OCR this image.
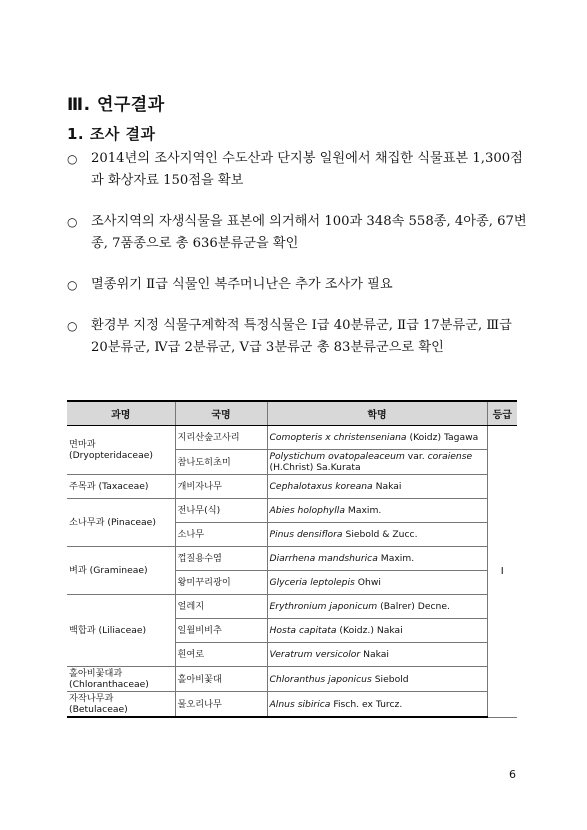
Ⅲ. 연구결과
1. 조사 결과
○ 2014년의 조사지역인 수도산과 단지봉 일원에서 채집한 식물표본 1,300점과 화상자료 150점을 확보
○ 조사지역의 자생식물을 표본에 의거해서 100과 348속 558종, 4아종, 67변종, 7품종으로 총 636분류군을 확인
○ 멸종위기 Ⅱ급 식물인 복주머니난은 추가 조사가 필요
○ 환경부 지정 식물구계학적 특정식물은 Ⅰ급 40분류군, Ⅱ급 17분류군, Ⅲ급 20분류군, Ⅳ급 2분류군, Ⅴ급 3분류군 총 83분류군으로 확인
과명	국명	학명	등급
면마과 (Dryopteridaceae)	지리산숲고사리	Comopteris x christenseniana (Koidz) Tagawa	Ⅰ
	참나도히초미	Polystichum ovatopaleaceum var. coraiense (H.Christ) Sa.Kurata	
주목과 (Taxaceae)	개비자나무	Cephalotaxus koreana Nakai	
소나무과 (Pinaceae)	전나무(식)	Abies holophylla Maxim.	
	소나무	Pinus densiflora Siebold & Zucc.	
벼과 (Gramineae)	껍질용수염	Diarrhena mandshurica Maxim.	
	왕미꾸리광이	Glyceria leptolepis Ohwi	
백합과 (Liliaceae)	얼레지	Erythronium japonicum (Balrer) Decne.	
	일월비비추	Hosta capitata (Koidz.) Nakai	
	흰여로	Veratrum versicolor Nakai	
홀아비꽃대과 (Chloranthaceae)	홀아비꽃대	Chloranthus japonicus Siebold	
자작나무과 (Betulaceae)	물오리나무	Alnus sibirica Fisch. ex Turcz.	
6
